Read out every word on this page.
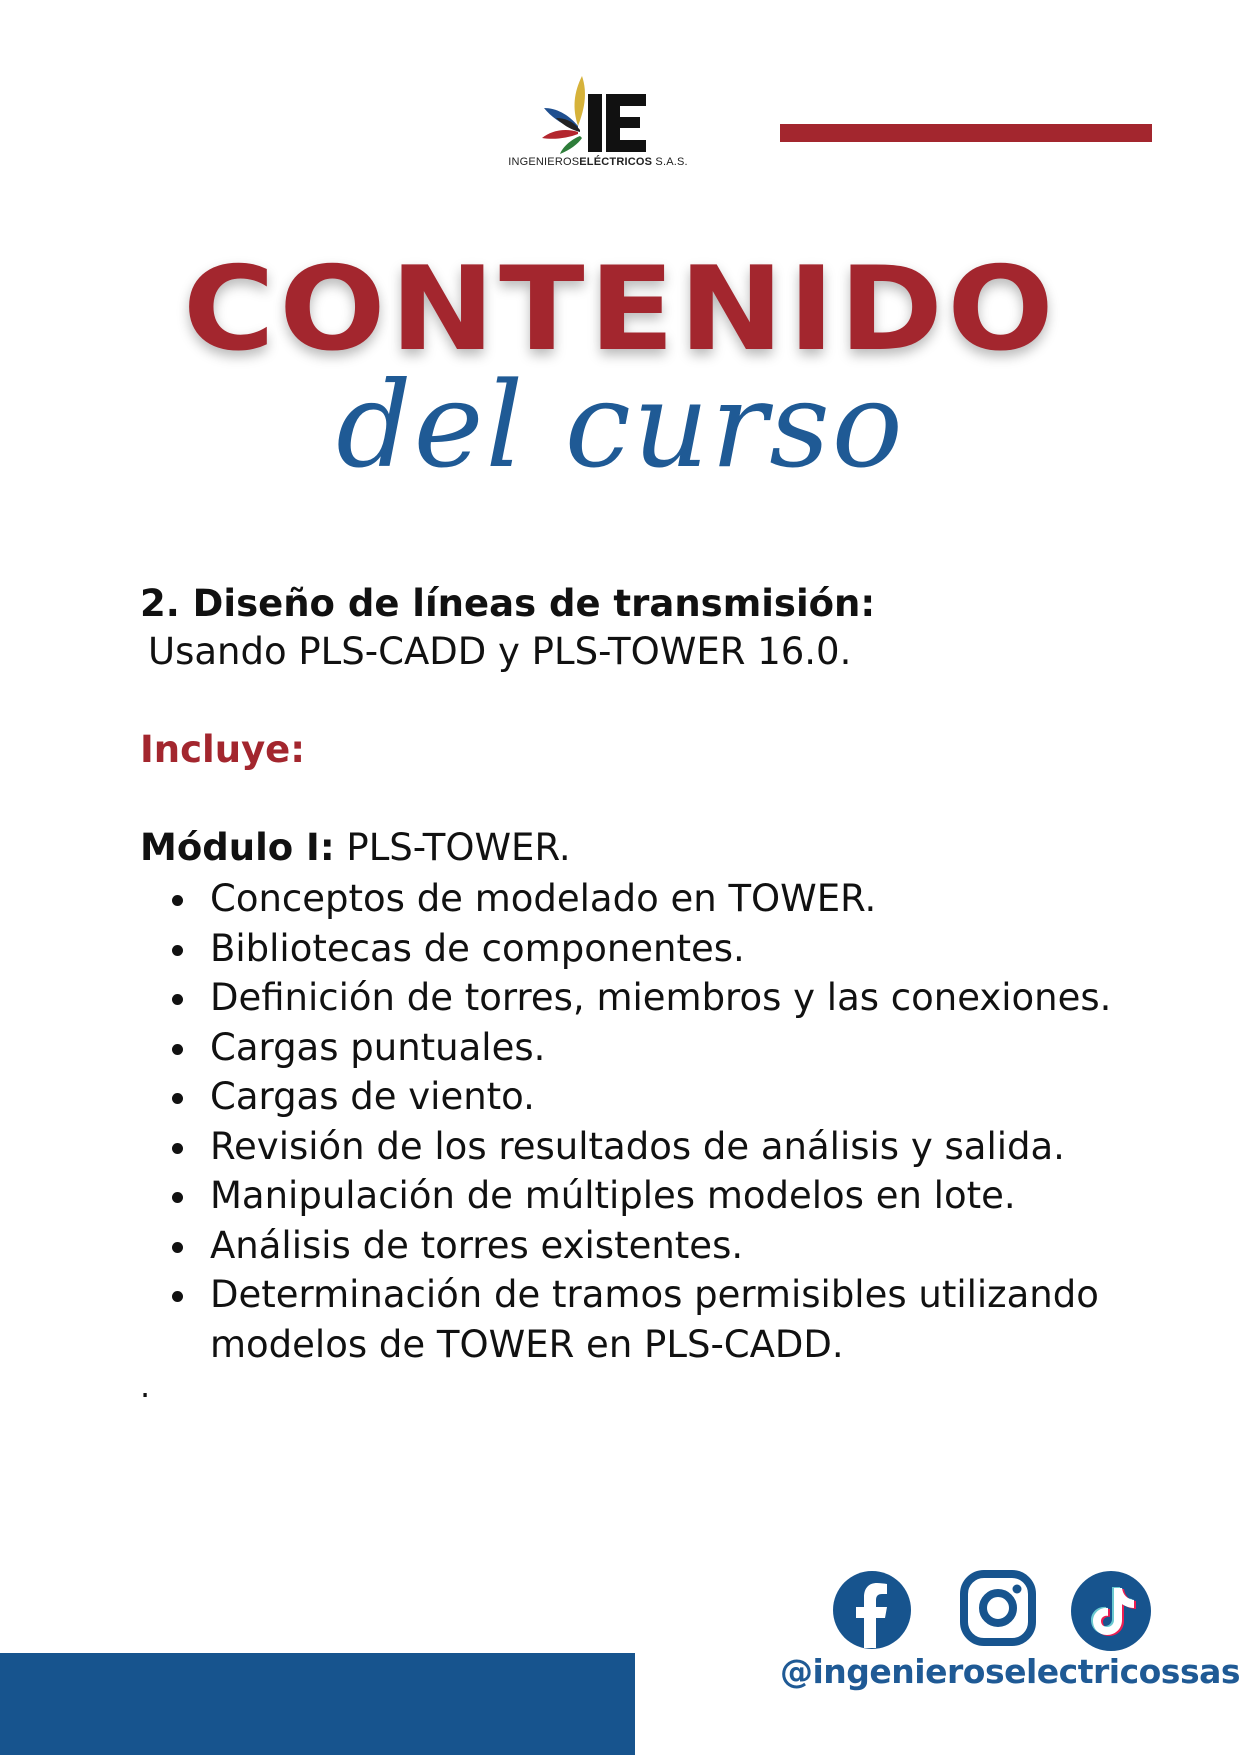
INGENIEROSELÉCTRICOS S.A.S.
CONTENIDO
del curso
2. Diseño de líneas de transmisión:
Usando PLS-CADD y PLS-TOWER 16.0.
Incluye:
Módulo I: PLS-TOWER.
Conceptos de modelado en TOWER.
Bibliotecas de componentes.
Definición de torres, miembros y las conexiones.
Cargas puntuales.
Cargas de viento.
Revisión de los resultados de análisis y salida.
Manipulación de múltiples modelos en lote.
Análisis de torres existentes.
Determinación de tramos permisibles utilizando modelos de TOWER en PLS-CADD.
.
@ingenieroselectricossas
